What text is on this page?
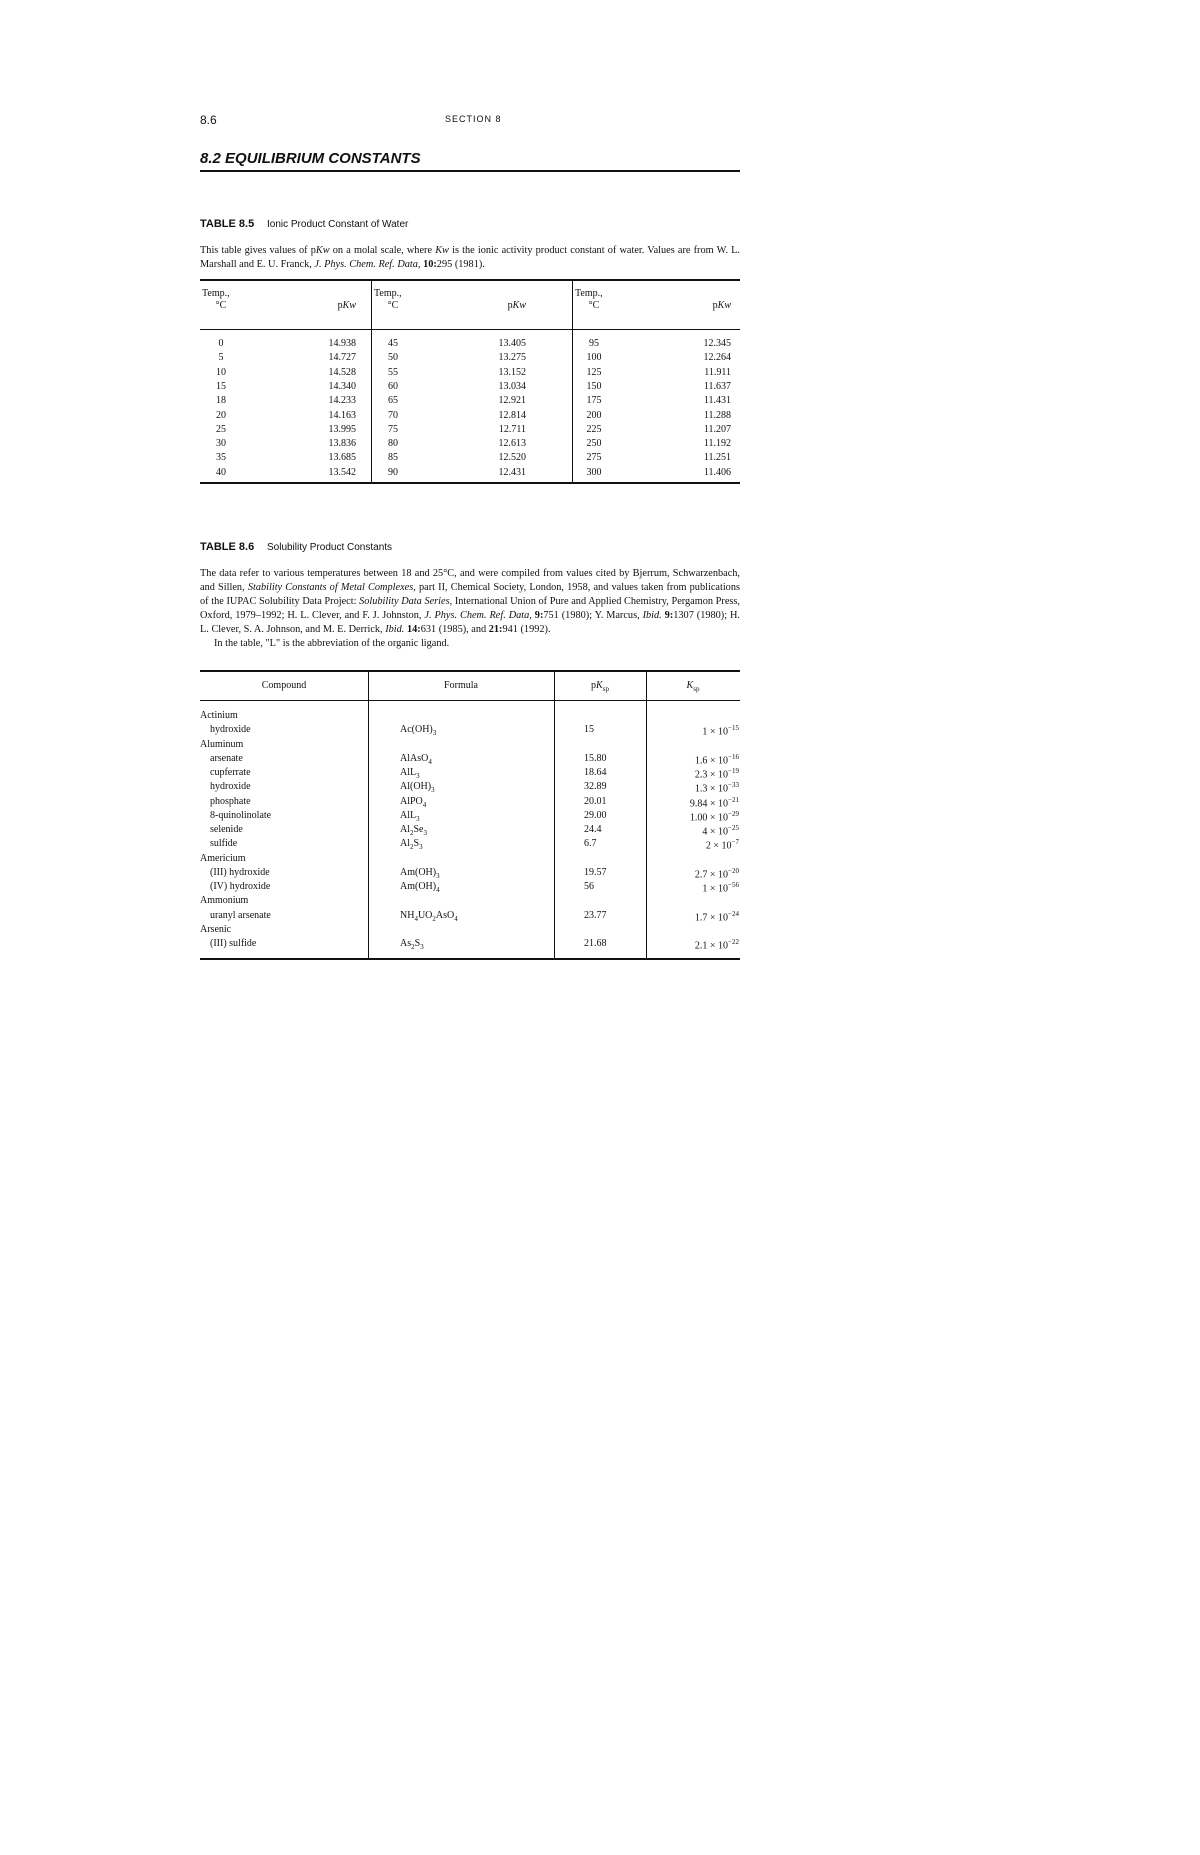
8.6	SECTION 8
8.2 EQUILIBRIUM CONSTANTS
TABLE 8.5 Ionic Product Constant of Water
This table gives values of pKw on a molal scale, where Kw is the ionic activity product constant of water. Values are from W. L. Marshall and E. U. Franck, J. Phys. Chem. Ref. Data, 10:295 (1981).
Temp.,
°C	pKw
Temp.,
°C	pKw
Temp.,
°C	pKw
0	14.938	45	13.405	95	12.345
5	14.727	50	13.275	100	12.264
10	14.528	55	13.152	125	11.911
15	14.340	60	13.034	150	11.637
18	14.233	65	12.921	175	11.431
20	14.163	70	12.814	200	11.288
25	13.995	75	12.711	225	11.207
30	13.836	80	12.613	250	11.192
35	13.685	85	12.520	275	11.251
40	13.542	90	12.431	300	11.406
TABLE 8.6 Solubility Product Constants
The data refer to various temperatures between 18 and 25°C, and were compiled from values cited by Bjerrum, Schwarzenbach, and Sillen, Stability Constants of Metal Complexes, part II, Chemical Society, London, 1958, and values taken from publications of the IUPAC Solubility Data Project: Solubility Data Series, International Union of Pure and Applied Chemistry, Pergamon Press, Oxford, 1979–1992; H. L. Clever, and F. J. Johnston, J. Phys. Chem. Ref. Data, 9:751 (1980); Y. Marcus, Ibid. 9:1307 (1980); H. L. Clever, S. A. Johnson, and M. E. Derrick, Ibid. 14:631 (1985), and 21:941 (1992).
In the table, "L" is the abbreviation of the organic ligand.
Compound	Formula	$pK_{sp}$	$K_{sp}$
Actinium
hydroxide	$Ac(OH)_3$	15	$1 \times 10^{-15}$
Aluminum
arsenate	AlAsO$_4$	15.80	$1.6 \times 10^{-16}$
cupferrate	AlL$_3$	18.64	$2.3 \times 10^{-19}$
hydroxide	$Al(OH)_3$	32.89	$1.3 \times 10^{-33}$
phosphate	AlPO$_4$	20.01	$9.84 \times 10^{-21}$
8-quinolinolate	AlL$_3$	29.00	$1.00 \times 10^{-29}$
selenide	$Al_2Se_3$	24.4	$4 \times 10^{-25}$
sulfide	$Al_2S_3$	6.7	$2 \times 10^{-7}$
Americium
(III) hydroxide	$Am(OH)_3$	19.57	$2.7 \times 10^{-20}$
(IV) hydroxide	$Am(OH)_4$	56	$1 \times 10^{-56}$
Ammonium
uranyl arsenate	$NH_4UO_2AsO_4$	23.77	$1.7 \times 10^{-24}$
Arsenic
(III) sulfide	$As_2S_3$	21.68	$2.1 \times 10^{-22}$
